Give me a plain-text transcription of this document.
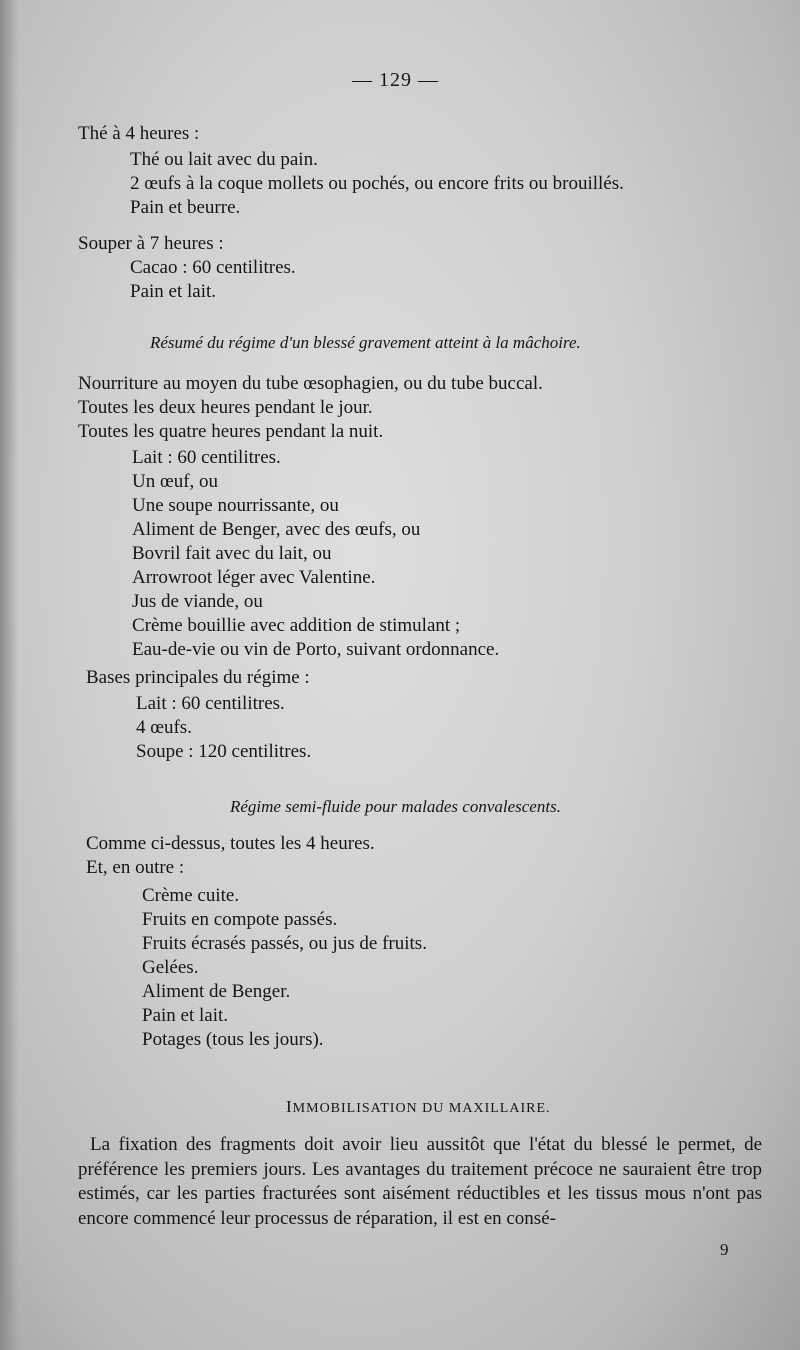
— 129 —
Thé à 4 heures :
Thé ou lait avec du pain.
2 œufs à la coque mollets ou pochés, ou encore frits ou brouillés.
Pain et beurre.
Souper à 7 heures :
Cacao : 60 centilitres.
Pain et lait.
Résumé du régime d'un blessé gravement atteint à la mâchoire.
Nourriture au moyen du tube œsophagien, ou du tube buccal.
Toutes les deux heures pendant le jour.
Toutes les quatre heures pendant la nuit.
Lait : 60 centilitres.
Un œuf, ou
Une soupe nourrissante, ou
Aliment de Benger, avec des œufs, ou
Bovril fait avec du lait, ou
Arrowroot léger avec Valentine.
Jus de viande, ou
Crème bouillie avec addition de stimulant ;
Eau-de-vie ou vin de Porto, suivant ordonnance.
Bases principales du régime :
Lait : 60 centilitres.
4 œufs.
Soupe : 120 centilitres.
Régime semi-fluide pour malades convalescents.
Comme ci-dessus, toutes les 4 heures.
Et, en outre :
Crème cuite.
Fruits en compote passés.
Fruits écrasés passés, ou jus de fruits.
Gelées.
Aliment de Benger.
Pain et lait.
Potages (tous les jours).
IMMOBILISATION DU MAXILLAIRE.
La fixation des fragments doit avoir lieu aussitôt que l'état du blessé le permet, de préférence les premiers jours. Les avantages du traitement précoce ne sauraient être trop estimés, car les parties fracturées sont aisément réductibles et les tissus mous n'ont pas encore commencé leur processus de réparation, il est en consé-
9
